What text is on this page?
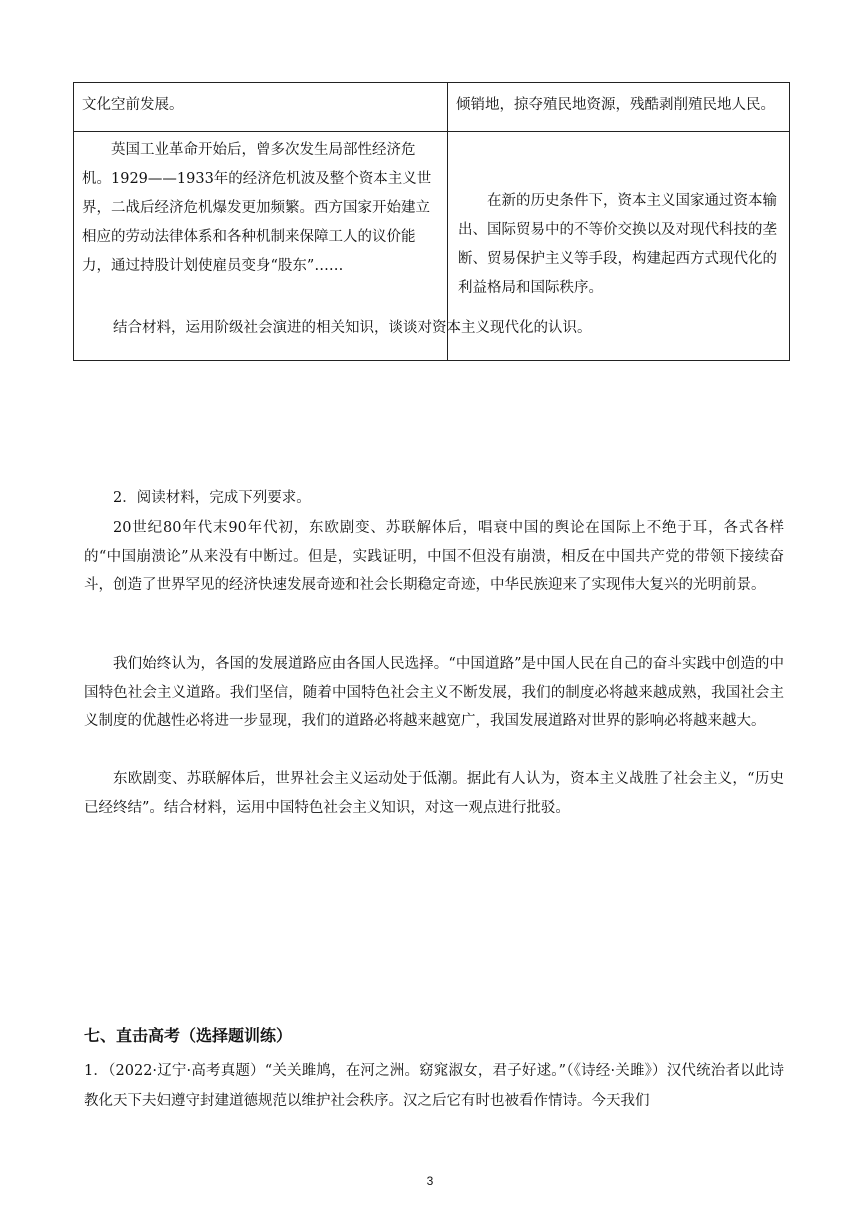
文化空前发展。	倾销地，掠夺殖民地资源，残酷剥削殖民地人民。

英国工业革命开始后，曾多次发生局部性经济危机。1929——1933年的经济危机波及整个资本主义世界，二战后经济危机爆发更加频繁。西方国家开始建立相应的劳动法律体系和各种机制来保障工人的议价能力，通过持股计划使雇员变身“股东”……	在新的历史条件下，资本主义国家通过资本输出、国际贸易中的不等价交换以及对现代科技的垄断、贸易保护主义等手段，构建起西方式现代化的利益格局和国际秩序。

结合材料，运用阶级社会演进的相关知识，谈谈对资本主义现代化的认识。

2．阅读材料，完成下列要求。

20世纪80年代末90年代初，东欧剧变、苏联解体后，唱衰中国的舆论在国际上不绝于耳，各式各样的“中国崩溃论”从来没有中断过。但是，实践证明，中国不但没有崩溃，相反在中国共产党的带领下接续奋斗，创造了世界罕见的经济快速发展奇迹和社会长期稳定奇迹，中华民族迎来了实现伟大复兴的光明前景。

我们始终认为，各国的发展道路应由各国人民选择。“中国道路”是中国人民在自己的奋斗实践中创造的中国特色社会主义道路。我们坚信，随着中国特色社会主义不断发展，我们的制度必将越来越成熟，我国社会主义制度的优越性必将进一步显现，我们的道路必将越来越宽广，我国发展道路对世界的影响必将越来越大。

东欧剧变、苏联解体后，世界社会主义运动处于低潮。据此有人认为，资本主义战胜了社会主义，“历史已经终结”。结合材料，运用中国特色社会主义知识，对这一观点进行批驳。

七、直击高考（选择题训练）

1．（2022·辽宁·高考真题）“关关雎鸠，在河之洲。窈窕淑女，君子好逑。”（《诗经·关雎》）汉代统治者以此诗教化天下夫妇遵守封建道德规范以维护社会秩序。汉之后它有时也被看作情诗。今天我们

3
